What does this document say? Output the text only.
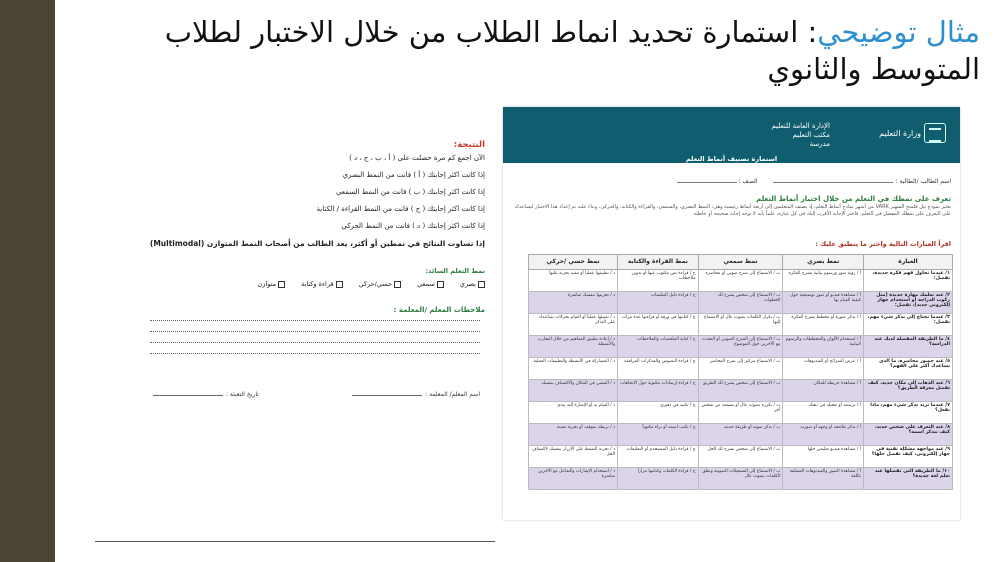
مثال توضيحي: استمارة تحديد انماط الطلاب من خلال الاختبار لطلاب المتوسط والثانوي
النتيجة:
الآن اجمع كم مرة حصلت على ( أ ، ب ، ج ، د )
إذا كانت اكثر إجابتك ( أ ) فانت من النمط البصري
إذا كانت اكثر إجابتك ( ب ) فانت من النمط السمعي
إذا كانت اكثر إجابتك ( ج ) فانت من النمط القراءة / الكتابة
إذا كانت اكثر إجابتك ( د ) فانت من النمط الحركي
إذا تساوت النتائج في نمطين أو أكثر، يعد الطالب من أصحاب النمط المتوازن (Multimodal)
نمط التعلم السائد:
بصري
سمعي
حسي/حركي
قراءة وكتابة
متوازن
ملاحظات المعلم /المعلمة :
اسم المعلم/ المعلمة :
تاريخ التعبئة :
وزارة التعليم
الإدارة العامة للتعليم
مكتب التعليم
مدرسة
استمارة تصنيف أنماط التعلم
اسم الطالب /الطالبة :
الصف :
تعرف على نمطك في التعلم من خلال اختبار أنماط التعلم
يعتبر نموذج نيل فلمنج الشهير VARK من أشهر نماذج أنماط التعلم، إذ يصنف المتعلمين إلى أربعة أنماط رئيسية وهي: النمط البصري، والسمعي، والقراءة والكتابة، والحركي، وبناء عليه تم إعداد هذا الاختبار ليساعدك على التعرف على نمطك المفضل في التعلم، فاختر الإجابة الأقرب إليك في كل عبارة، علماً بأنه لا توجد إجابة صحيحة أو خاطئة.
اقرأ العبارات التالية واختر ما ينطبق عليك :
العبارة	نمط بصري	نمط سمعي	نمط القراءة والكتابة	نمط حسي /حركي
١/ عندما تحاول فهم فكرة جديدة، تفضل:	أ / رؤية صور ورسوم بيانية تشرح الفكرة	ب / الاستماع إلى شرح صوتي أو محاضرة	ج / قراءة نص مكتوب عنها أو تدوين ملاحظات	د / تطبيقها عملياً أو تنفيذ تجربة عليها
٢/ عند تعلمك مهارة جديدة (مثل ركوب الدراجة أو استخدام جهاز إلكتروني جديد)، تفضل:	أ / مشاهدة فيديو أو صور توضيحية حول كيفية القيام بها	ب / الاستماع إلى شخص يشرح لك الخطوات	ج / قراءة دليل التعليمات	د / تجربتها بنفسك مباشرة
٣/ عندما تحتاج إلى تذكر شيء مهم، تفضل:	أ / تذكر صورة أو مخطط يشرح الفكرة	ب / تكرار الكلمات بصوت عال أو الاستماع إليها	ج / كتابتها في ورقة أو قراءتها عدة مرات	د / تمثيلها عملياً أو القيام بحركات تساعدك على التذكر
٤/ ما الطريقة المفضلة لديك عند الدراسة؟	أ / استخدام الألوان والمخططات والرسوم البيانية	ب / الاستماع إلى الشرح الصوتي أو التحدث مع الآخرين حول الموضوع	ج / كتابة الملخصات والملاحظات	د / إعادة تطبيق المفاهيم من خلال التجارب والأنشطة
٥/ عند حضور محاضرة، ما الذي يساعدك أكثر على الفهم؟	أ / عرض الشرائح أو الفيديوهات	ب / الاستماع بتركيز إلى شرح المحاضر	ج / قراءة النصوص والمذكرات المرافقة	د / المشاركة في الأنشطة والتطبيقات العملية
٦/ عند الذهاب إلى مكان جديد، كيف تفضل معرفة الطريق؟	أ / مشاهدة خريطة للمكان	ب / الاستماع إلى شخص يشرح لك الطريق	ج / قراءة إرشادات مكتوبة حول الاتجاهات	د / المشي في المكان والاكتشاف بنفسك
٧/ عندما تريد تذكر شيء مهم، ماذا تفعل؟	أ / ترسمه أو تتخيله في ذهنك	ب / تكرره بصوت عال أو تسمعه من شخص آخر	ج / تكتبه في دفتري	د / القيام به أو الإشارة إليه بيدي
٨/ عند التعرف على شخص جديد، كيف تتذكر اسمه؟	أ / تذكر ملامحه أو وجهه أو صورته	ب / تذكر صوته أو طريقة حديثه	ج / تكتب اسمه أو تراه مكتوباً	د / تربطه بموقف أو تجربة معينة
٩/ عند مواجهة مشكلة تقنية في جهاز إلكتروني، كيف تفضل حلها؟	أ / مشاهدة فيديو تعليمي حلها	ب / الاستماع إلى شخص يشرح لك الحل	ج / قراءة دليل المستخدم أو التعليمات	د / تجربة الضغط على الأزرار بنفسك لاكتشاف الحل
١٠/ ما الطريقة التي تفضلها عند تعلم لغة جديدة؟	أ / مشاهدة الصور والفيديوهات المتعلقة باللغة	ب / الاستماع إلى التسجيلات الصوتية ونطق الكلمات بصوت عال	ج / قراءة الكلمات وكتابتها مراراً	د / استخدام الإشارات والتفاعل مع الآخرين مباشرة
